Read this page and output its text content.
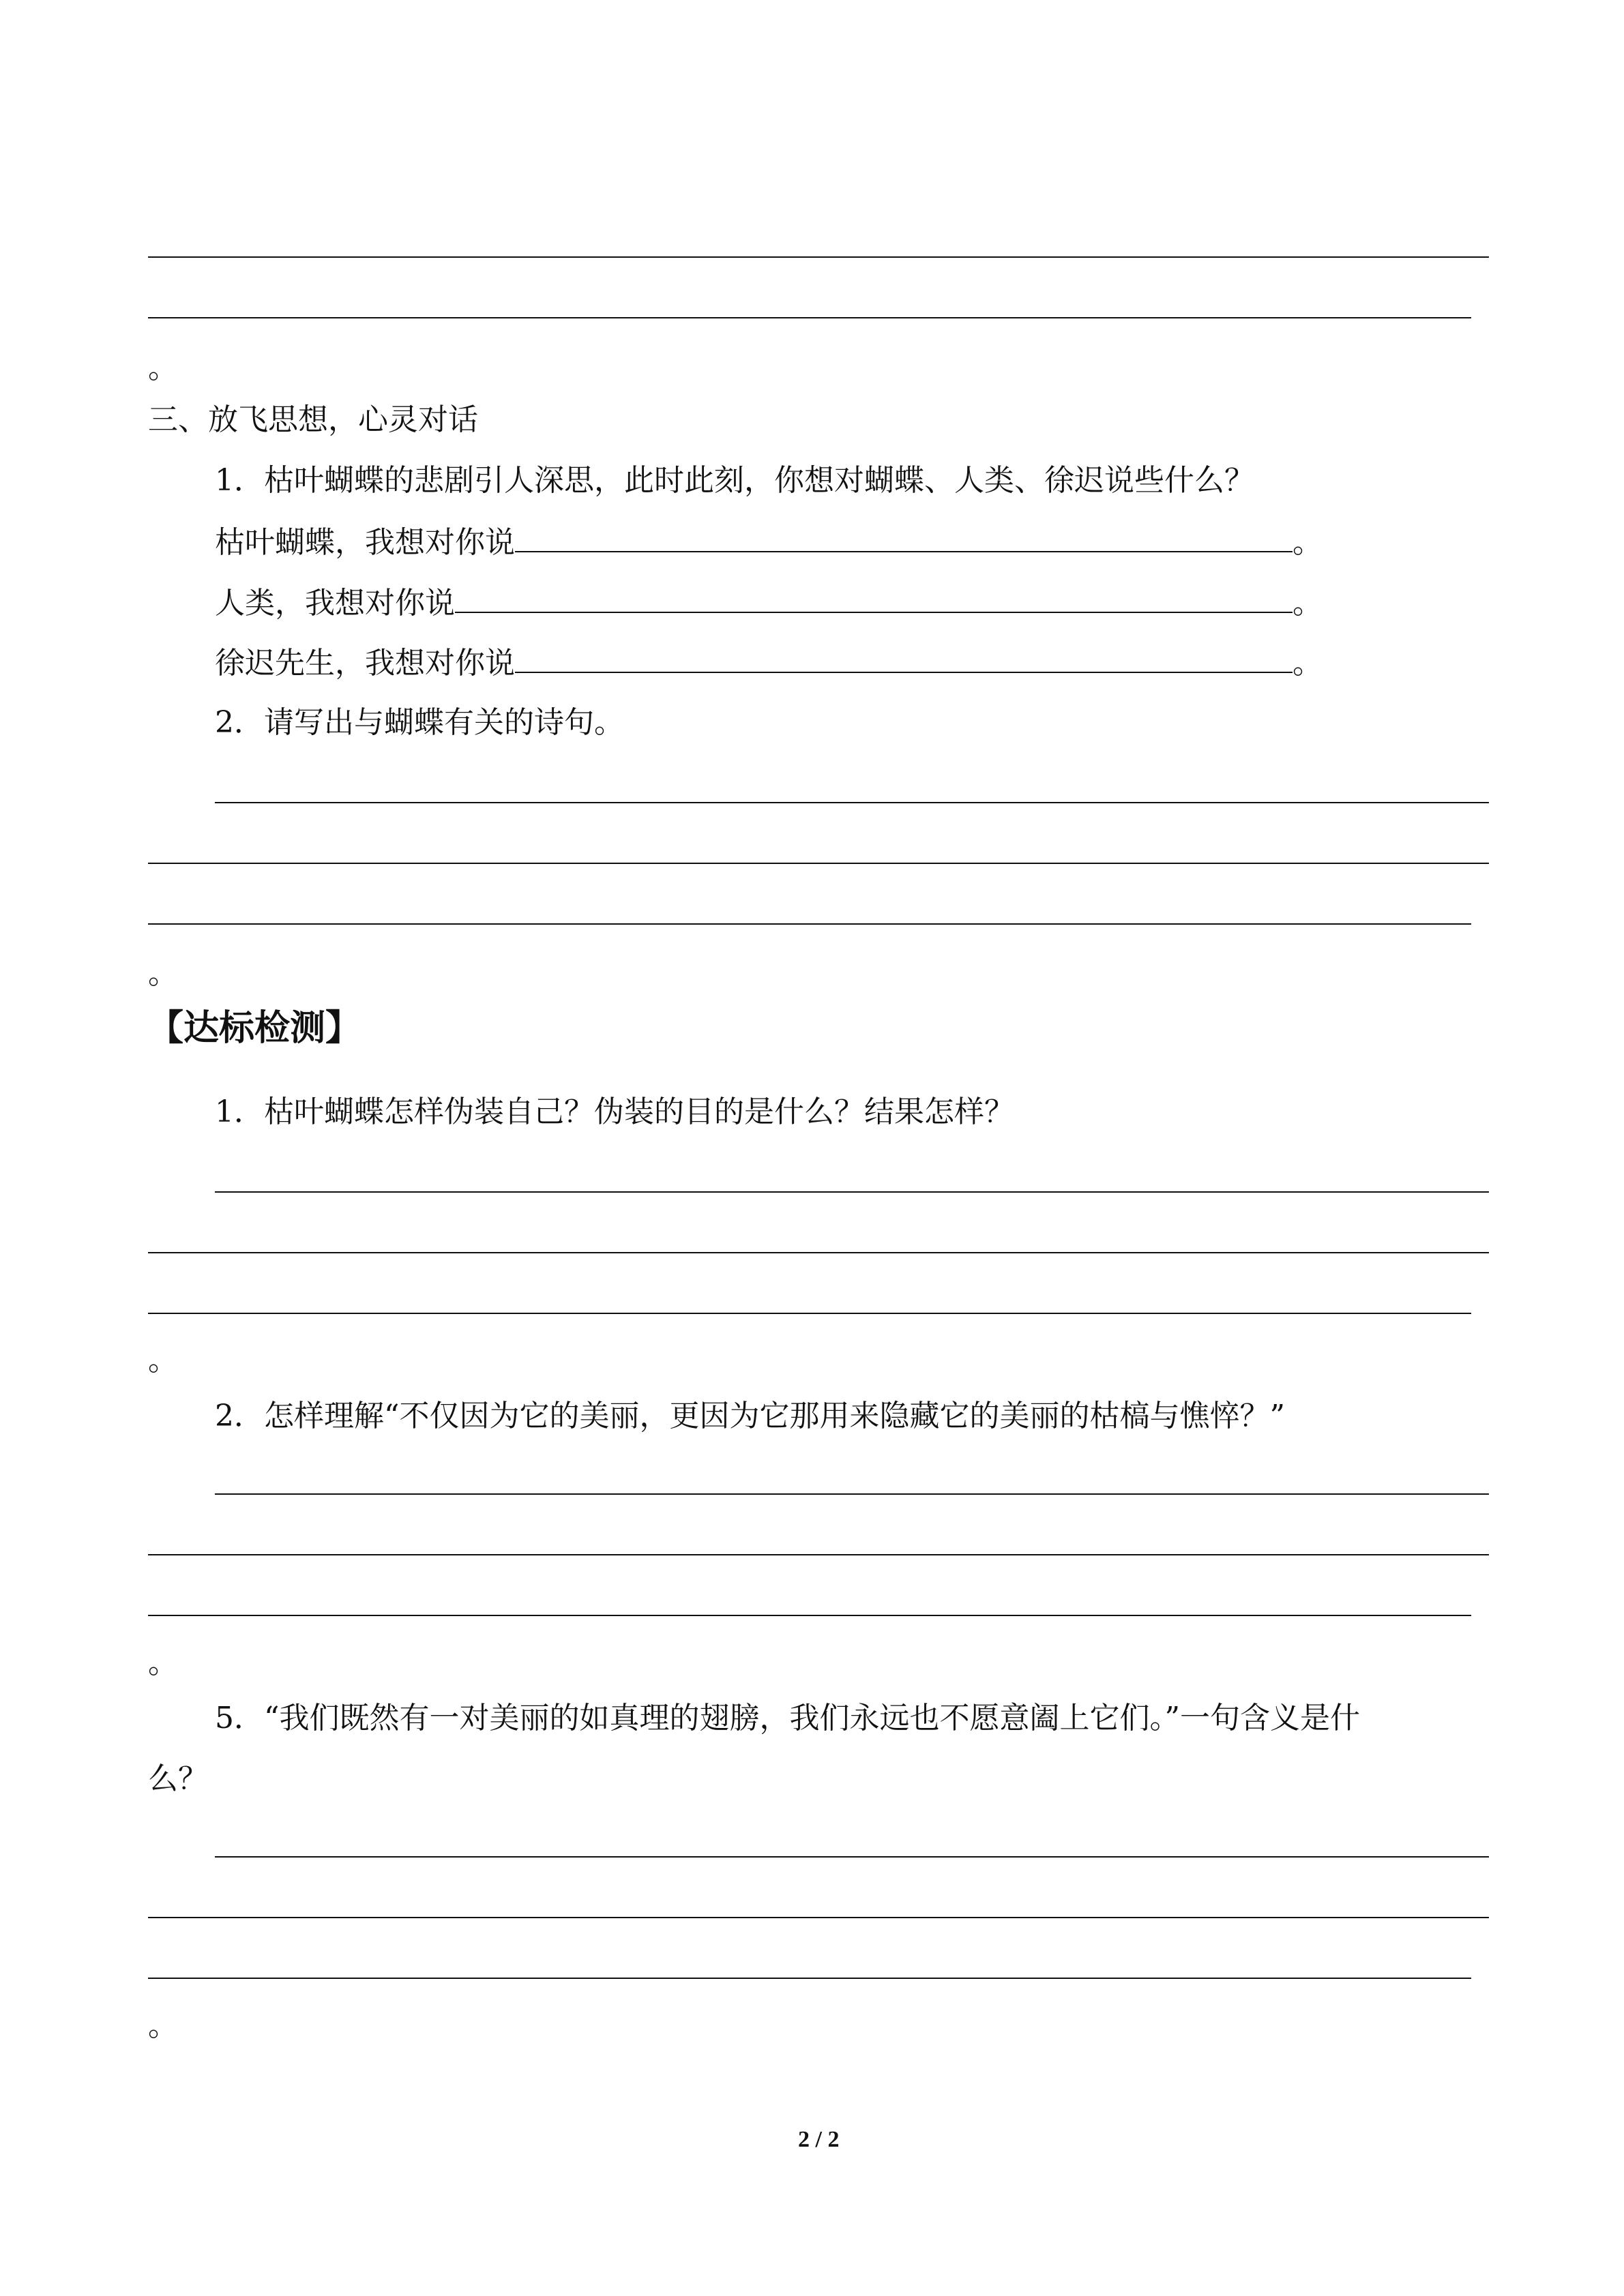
。
三、放飞思想，心灵对话
1．枯叶蝴蝶的悲剧引人深思，此时此刻，你想对蝴蝶、人类、徐迟说些什么？
枯叶蝴蝶，我想对你说	。
人类，我想对你说	。
徐迟先生，我想对你说	。
2．请写出与蝴蝶有关的诗句。
。
【达标检测】
1．枯叶蝴蝶怎样伪装自己？伪装的目的是什么？结果怎样？
。
2．怎样理解“不仅因为它的美丽，更因为它那用来隐藏它的美丽的枯槁与憔悴？”
。
5．“我们既然有一对美丽的如真理的翅膀，我们永远也不愿意阖上它们。”一句含义是什
么？
。
2 / 2
